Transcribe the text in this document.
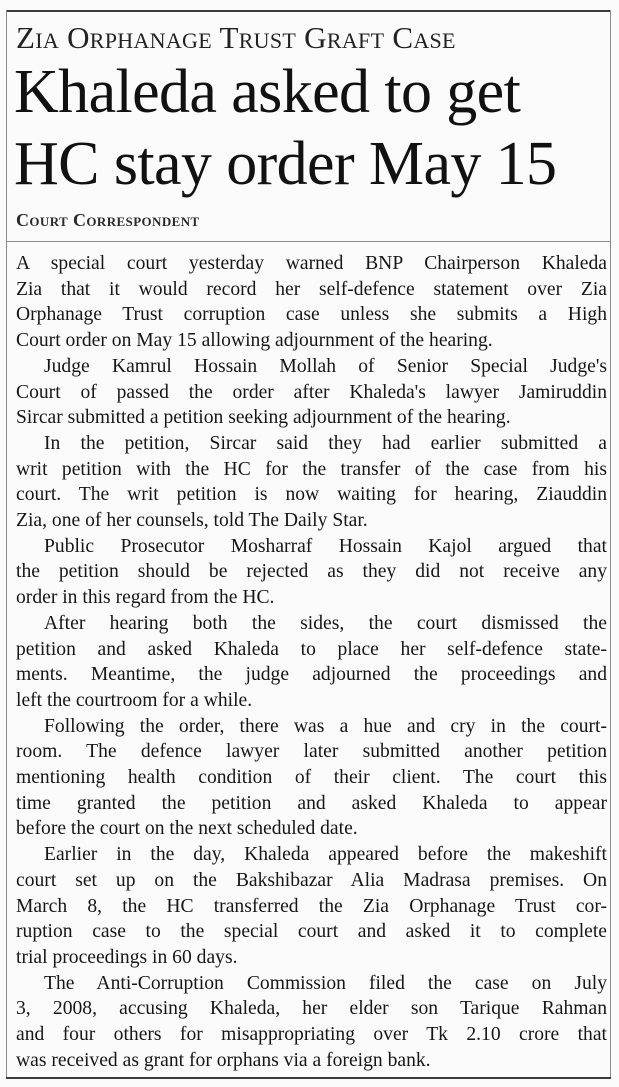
Zia Orphanage Trust Graft Case
Khaleda asked to get
HC stay order May 15
Court Correspondent
A special court yesterday warned BNP Chairperson Khaleda
Zia that it would record her self-defence statement over Zia
Orphanage Trust corruption case unless she submits a High
Court order on May 15 allowing adjournment of the hearing.
Judge Kamrul Hossain Mollah of Senior Special Judge's
Court of passed the order after Khaleda's lawyer Jamiruddin
Sircar submitted a petition seeking adjournment of the hearing.
In the petition, Sircar said they had earlier submitted a
writ petition with the HC for the transfer of the case from his
court. The writ petition is now waiting for hearing, Ziauddin
Zia, one of her counsels, told The Daily Star.
Public Prosecutor Mosharraf Hossain Kajol argued that
the petition should be rejected as they did not receive any
order in this regard from the HC.
After hearing both the sides, the court dismissed the
petition and asked Khaleda to place her self-defence state-
ments. Meantime, the judge adjourned the proceedings and
left the courtroom for a while.
Following the order, there was a hue and cry in the court-
room. The defence lawyer later submitted another petition
mentioning health condition of their client. The court this
time granted the petition and asked Khaleda to appear
before the court on the next scheduled date.
Earlier in the day, Khaleda appeared before the makeshift
court set up on the Bakshibazar Alia Madrasa premises. On
March 8, the HC transferred the Zia Orphanage Trust cor-
ruption case to the special court and asked it to complete
trial proceedings in 60 days.
The Anti-Corruption Commission filed the case on July
3, 2008, accusing Khaleda, her elder son Tarique Rahman
and four others for misappropriating over Tk 2.10 crore that
was received as grant for orphans via a foreign bank.
